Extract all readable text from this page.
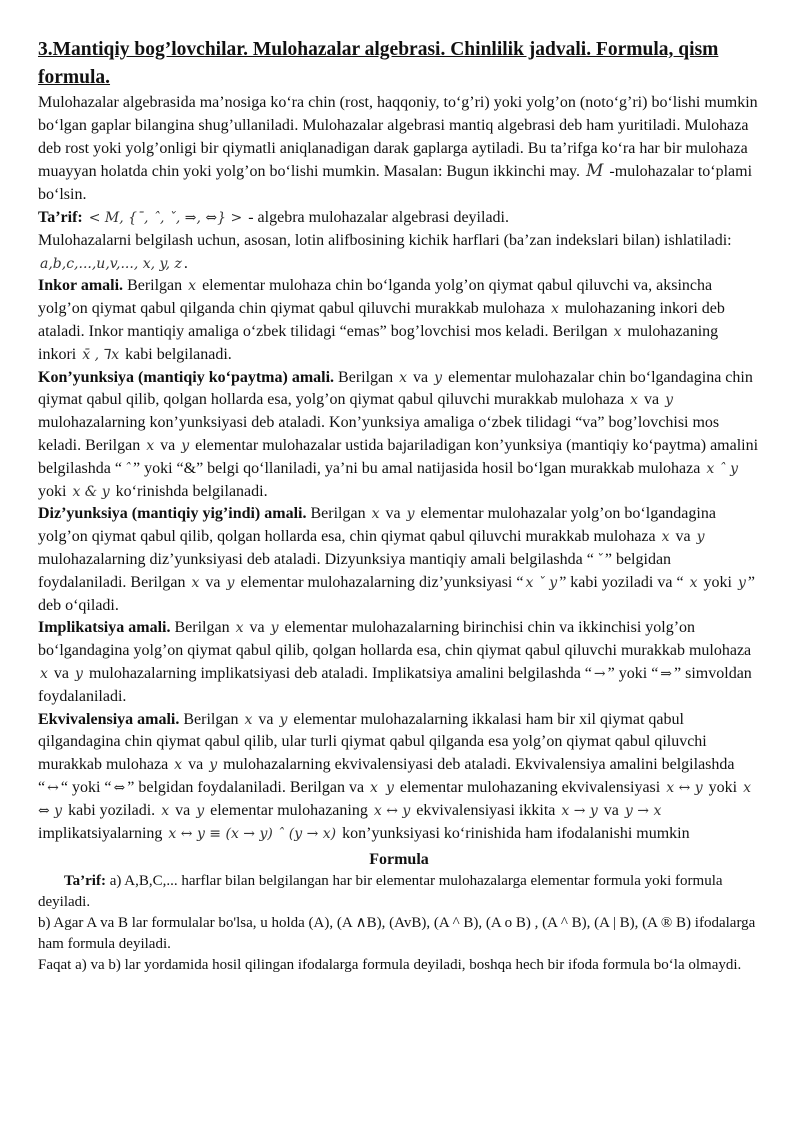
3.Mantiqiy bog’lovchilar. Mulohazalar algebrasi. Chinlilik jadvali. Formula, qism formula.

Mulohazalar algebrasida ma’nosiga ko‘ra chin (rost, haqqoniy, to‘g’ri) yoki yolg’on (noto‘g’ri) bo‘lishi mumkin bo‘lgan gaplar bilangina shug’ullaniladi. Mulohazalar algebrasi mantiq algebrasi deb ham yuritiladi. Mulohaza deb rost yoki yolg’onligi bir qiymatli aniqlanadigan darak gaplarga aytiladi. Bu ta’rifga ko‘ra har bir mulohaza muayyan holatda chin yoki yolg’on bo‘lishi mumkin. Masalan: Bugun ikkinchi may. M -mulohazalar to‘plami bo‘lsin.

Ta’rif: < M, {¯, ˆ, ˇ, ⇒, ⇔} > - algebra mulohazalar algebrasi deyiladi.

Mulohazalarni belgilash uchun, asosan, lotin alifbosining kichik harflari (ba’zan indekslari bilan) ishlatiladi: a,b,c,...,u,v,..., x, y, z .

Inkor amali. Berilgan x elementar mulohaza chin bo‘lganda yolg’on qiymat qabul qiluvchi va, aksincha yolg’on qiymat qabul qilganda chin qiymat qabul qiluvchi murakkab mulohaza x mulohazaning inkori deb ataladi. Inkor mantiqiy amaliga o‘zbek tilidagi “emas” bog’lovchisi mos keladi. Berilgan x mulohazaning inkori x̄ , ⅂x kabi belgilanadi.

Kon’yunksiya (mantiqiy ko‘paytma) amali. Berilgan x va y elementar mulohazalar chin bo‘lgandagina chin qiymat qabul qilib, qolgan hollarda esa, yolg’on qiymat qabul qiluvchi murakkab mulohaza x va y mulohazalarning kon’yunksiyasi deb ataladi. Kon’yunksiya amaliga o‘zbek tilidagi “va” bog’lovchisi mos keladi. Berilgan x va y elementar mulohazalar ustida bajariladigan kon’yunksiya (mantiqiy ko‘paytma) amalini belgilashda “ ˆ ” yoki “&” belgi qo‘llaniladi, ya’ni bu amal natijasida hosil bo‘lgan murakkab mulohaza x ˆ y yoki x & y ko‘rinishda belgilanadi.

Diz’yunksiya (mantiqiy yig’indi) amali. Berilgan x va y elementar mulohazalar yolg’on bo‘lgandagina yolg’on qiymat qabul qilib, qolgan hollarda esa, chin qiymat qabul qiluvchi murakkab mulohaza x va y mulohazalarning diz’yunksiyasi deb ataladi. Dizyunksiya mantiqiy amali belgilashda “ ˇ ” belgidan foydalaniladi. Berilgan x va y elementar mulohazalarning diz’yunksiyasi “ x ˇ y ” kabi yoziladi va “ x yoki y ” deb o‘qiladi.

Implikatsiya amali. Berilgan x va y elementar mulohazalarning birinchisi chin va ikkinchisi yolg’on bo‘lgandagina yolg’on qiymat qabul qilib, qolgan hollarda esa, chin qiymat qabul qiluvchi murakkab mulohaza x va y mulohazalarning implikatsiyasi deb ataladi. Implikatsiya amalini belgilashda “ → ” yoki “ ⇒ ” simvoldan foydalaniladi.

Ekvivalensiya amali. Berilgan x va y elementar mulohazalarning ikkalasi ham bir xil qiymat qabul qilgandagina chin qiymat qabul qilib, ular turli qiymat qabul qilganda esa yolg’on qiymat qabul qiluvchi murakkab mulohaza x va y mulohazalarning ekvivalensiyasi deb ataladi. Ekvivalensiya amalini belgilashda “ ↔ “ yoki “ ⇔ ” belgidan foydalaniladi. Berilgan va x y elementar mulohazaning ekvivalensiyasi x ↔ y yoki x ⇔ y kabi yoziladi. x va y elementar mulohazaning x ↔ y ekvivalensiyasi ikkita x → y va y → x
implikatsiyalarning x ↔ y ≡ (x → y) ˆ (y → x) kon’yunksiyasi ko‘rinishida ham ifodalanishi mumkin

Formula

Ta’rif: a) A,B,C,... harflar bilan belgilangan har bir elementar mulohazalarga elementar formula yoki formula deyiladi.

b) Agar A va B lar formulalar bo'lsa, u holda (A), (A ∧B), (AvB), (A ^ B), (A o B) , (A ^ B), (A | B), (A ® B) ifodalarga ham formula deyiladi.

Faqat a) va b) lar yordamida hosil qilingan ifodalarga formula deyiladi, boshqa hech bir ifoda formula bo‘la olmaydi.
